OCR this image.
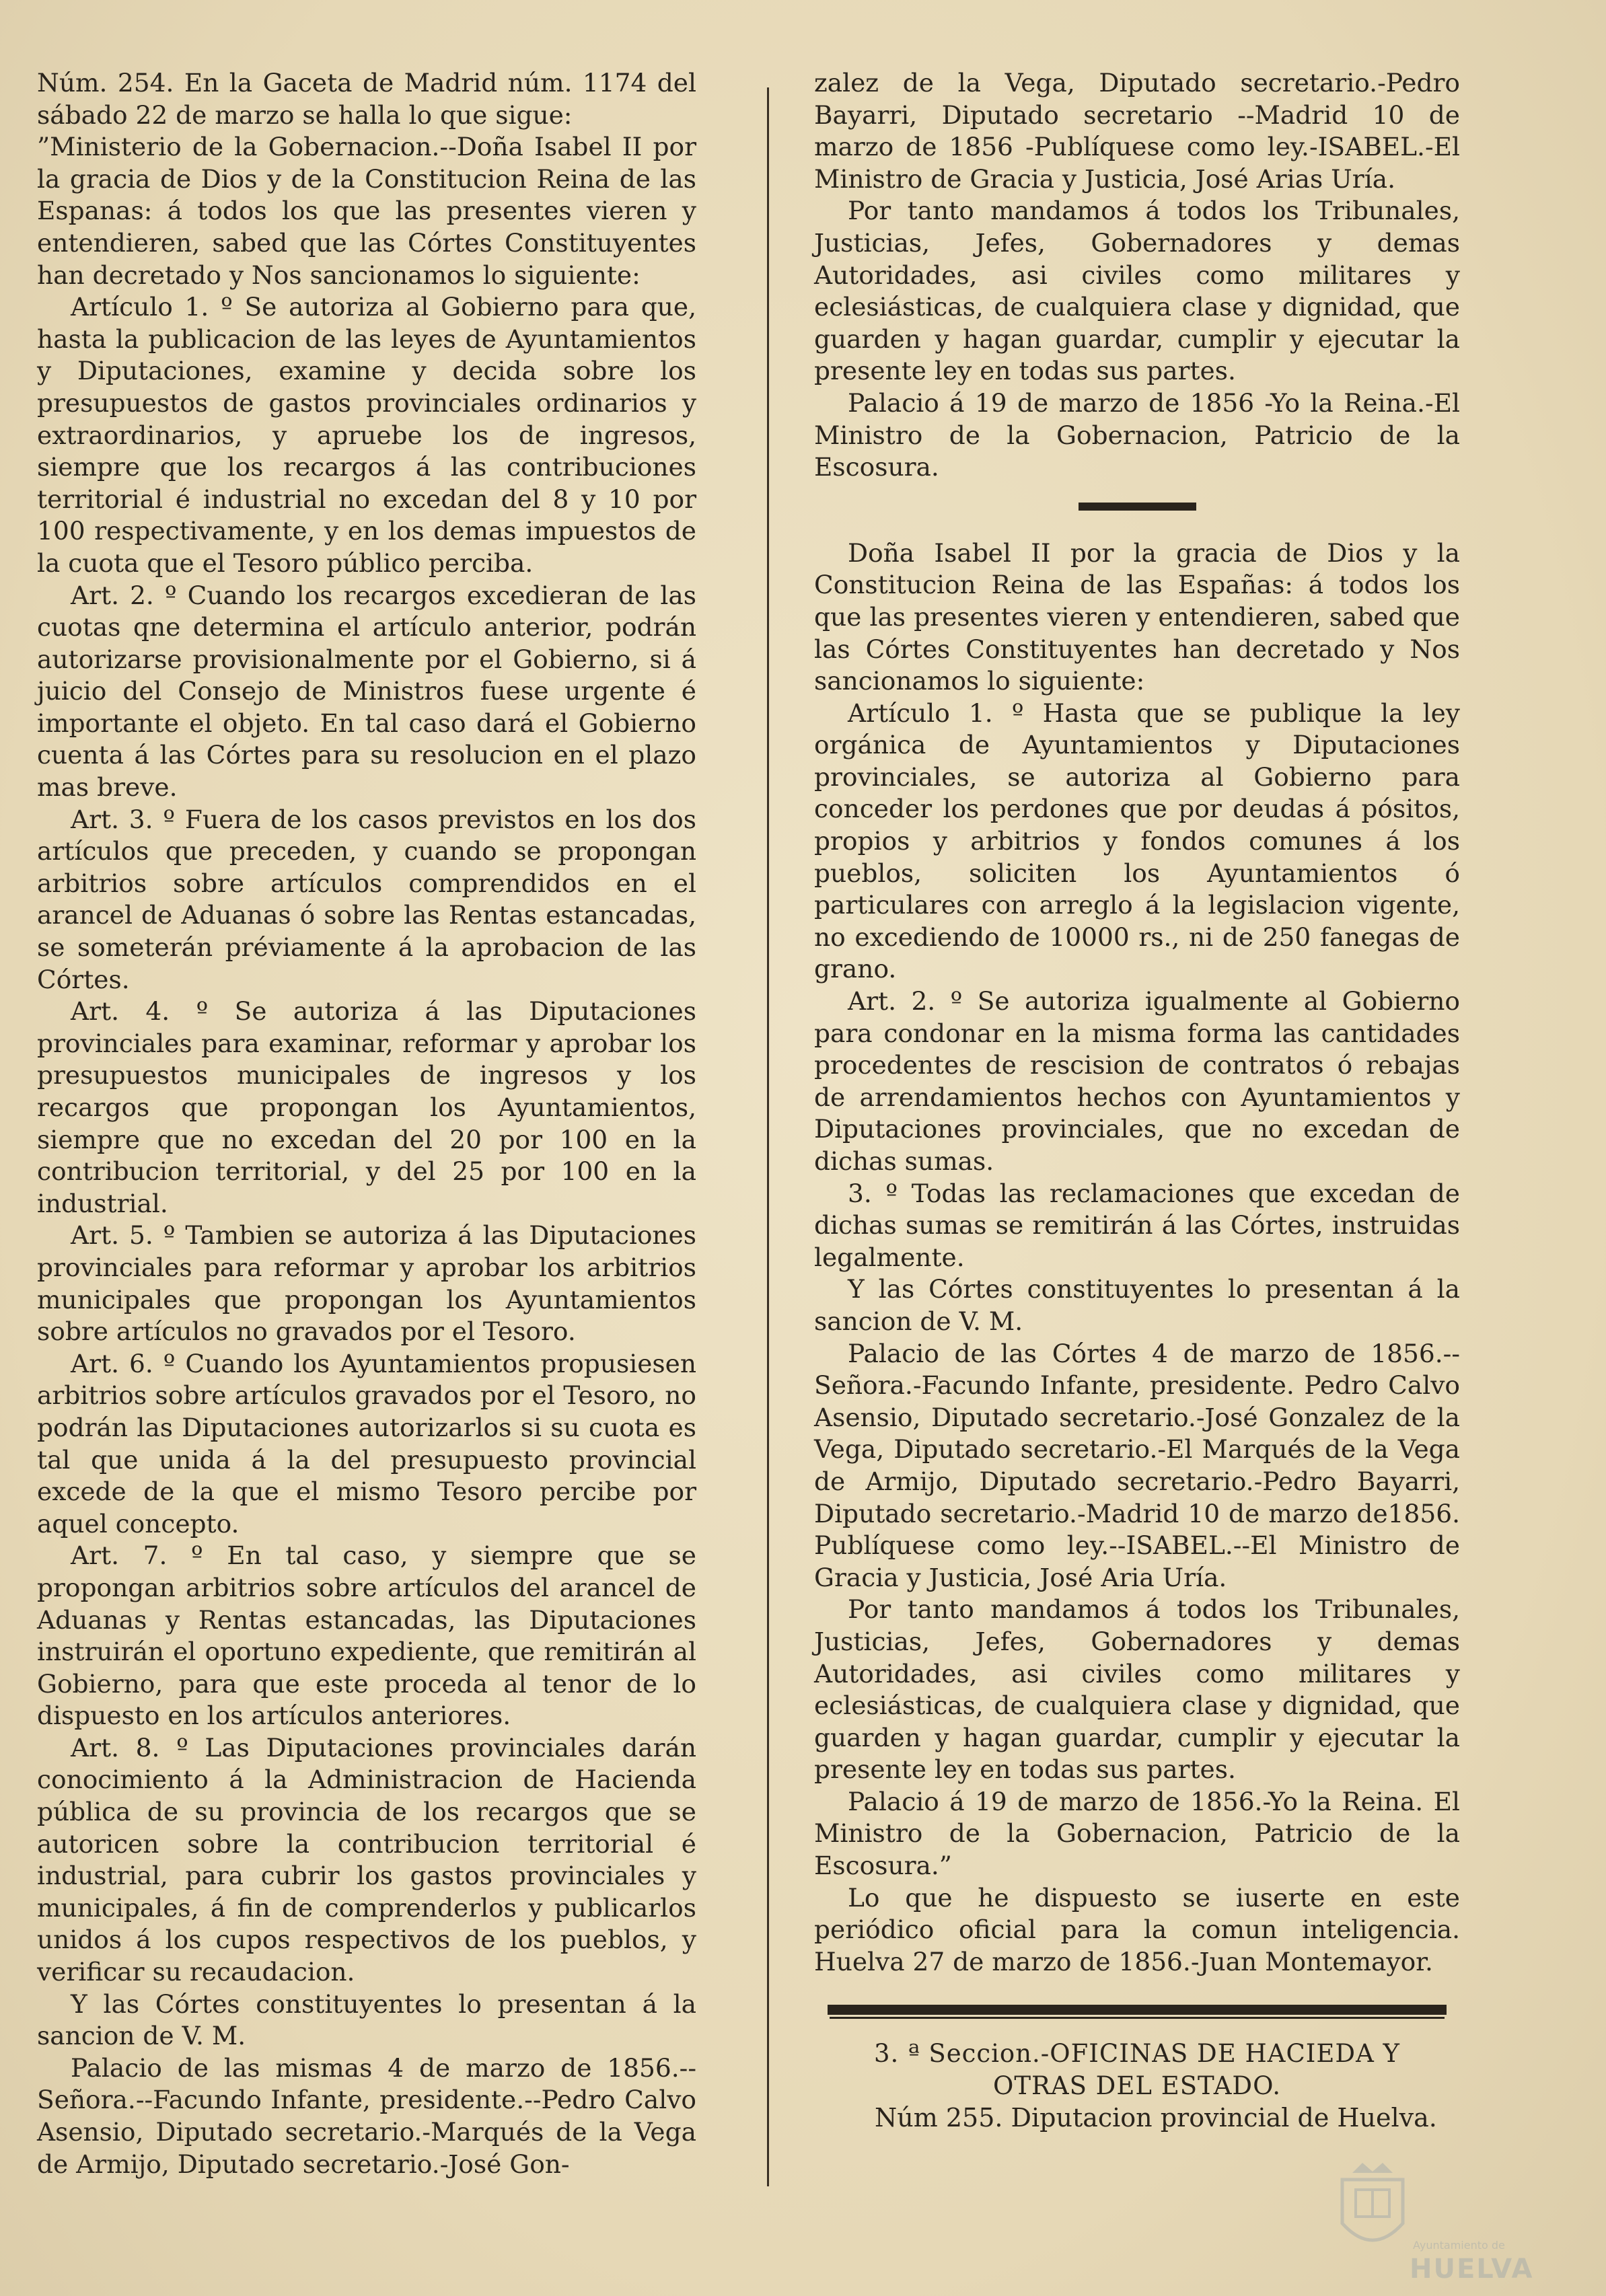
Núm. 254. En la Gaceta de Madrid núm. 1174 del sábado 22 de marzo se halla lo que sigue:

”Ministerio de la Gobernacion.--Doña Isabel II por la gracia de Dios y de la Constitucion Reina de las Espanas: á todos los que las presentes vieren y entendieren, sabed que las Córtes Constituyentes han decretado y Nos sancionamos lo siguiente:

Artículo 1. º Se autoriza al Gobierno para que, hasta la publicacion de las leyes de Ayuntamientos y Diputaciones, examine y decida sobre los presupuestos de gastos provinciales ordinarios y extraordinarios, y apruebe los de ingresos, siempre que los recargos á las contribuciones territorial é industrial no excedan del 8 y 10 por 100 respectivamente, y en los demas impuestos de la cuota que el Tesoro público perciba.

Art. 2. º Cuando los recargos excedieran de las cuotas qne determina el artículo anterior, podrán autorizarse provisionalmente por el Gobierno, si á juicio del Consejo de Ministros fuese urgente é importante el objeto. En tal caso dará el Gobierno cuenta á las Córtes para su resolucion en el plazo mas breve.

Art. 3. º Fuera de los casos previstos en los dos artículos que preceden, y cuando se propongan arbitrios sobre artículos comprendidos en el arancel de Aduanas ó sobre las Rentas estancadas, se someterán préviamente á la aprobacion de las Córtes.

Art. 4. º Se autoriza á las Diputaciones provinciales para examinar, reformar y aprobar los presupuestos municipales de ingresos y los recargos que propongan los Ayuntamientos, siempre que no excedan del 20 por 100 en la contribucion territorial, y del 25 por 100 en la industrial.

Art. 5. º Tambien se autoriza á las Diputaciones provinciales para reformar y aprobar los arbitrios municipales que propongan los Ayuntamientos sobre artículos no gravados por el Tesoro.

Art. 6. º Cuando los Ayuntamientos propusiesen arbitrios sobre artículos gravados por el Tesoro, no podrán las Diputaciones autorizarlos si su cuota es tal que unida á la del presupuesto provincial excede de la que el mismo Tesoro percibe por aquel concepto.

Art. 7. º En tal caso, y siempre que se propongan arbitrios sobre artículos del arancel de Aduanas y Rentas estancadas, las Diputaciones instruirán el oportuno expediente, que remitirán al Gobierno, para que este proceda al tenor de lo dispuesto en los artículos anteriores.

Art. 8. º Las Diputaciones provinciales darán conocimiento á la Administracion de Hacienda pública de su provincia de los recargos que se autoricen sobre la contribucion territorial é industrial, para cubrir los gastos provinciales y municipales, á fin de comprenderlos y publicarlos unidos á los cupos respectivos de los pueblos, y verificar su recaudacion.

Y las Córtes constituyentes lo presentan á la sancion de V. M.

Palacio de las mismas 4 de marzo de 1856.--Señora.--Facundo Infante, presidente.--Pedro Calvo Asensio, Diputado secretario.-Marqués de la Vega de Armijo, Diputado secretario.-José Gon-

zalez de la Vega, Diputado secretario.-Pedro Bayarri, Diputado secretario --Madrid 10 de marzo de 1856 -Publíquese como ley.-ISABEL.-El Ministro de Gracia y Justicia, José Arias Uría.

Por tanto mandamos á todos los Tribunales, Justicias, Jefes, Gobernadores y demas Autoridades, asi civiles como militares y eclesiásticas, de cualquiera clase y dignidad, que guarden y hagan guardar, cumplir y ejecutar la presente ley en todas sus partes.

Palacio á 19 de marzo de 1856 -Yo la Reina.-El Ministro de la Gobernacion, Patricio de la Escosura.

Doña Isabel II por la gracia de Dios y la Constitucion Reina de las Españas: á todos los que las presentes vieren y entendieren, sabed que las Córtes Constituyentes han decretado y Nos sancionamos lo siguiente:

Artículo 1. º Hasta que se publique la ley orgánica de Ayuntamientos y Diputaciones provinciales, se autoriza al Gobierno para conceder los perdones que por deudas á pósitos, propios y arbitrios y fondos comunes á los pueblos, soliciten los Ayuntamientos ó particulares con arreglo á la legislacion vigente, no excediendo de 10000 rs., ni de 250 fanegas de grano.

Art. 2. º Se autoriza igualmente al Gobierno para condonar en la misma forma las cantidades procedentes de rescision de contratos ó rebajas de arrendamientos hechos con Ayuntamientos y Diputaciones provinciales, que no excedan de dichas sumas.

3. º Todas las reclamaciones que excedan de dichas sumas se remitirán á las Córtes, instruidas legalmente.

Y las Córtes constituyentes lo presentan á la sancion de V. M.

Palacio de las Córtes 4 de marzo de 1856.--Señora.-Facundo Infante, presidente. Pedro Calvo Asensio, Diputado secretario.-José Gonzalez de la Vega, Diputado secretario.-El Marqués de la Vega de Armijo, Diputado secretario.-Pedro Bayarri, Diputado secretario.-Madrid 10 de marzo de1856. Publíquese como ley.--ISABEL.--El Ministro de Gracia y Justicia, José Aria Uría.

Por tanto mandamos á todos los Tribunales, Justicias, Jefes, Gobernadores y demas Autoridades, asi civiles como militares y eclesiásticas, de cualquiera clase y dignidad, que guarden y hagan guardar, cumplir y ejecutar la presente ley en todas sus partes.

Palacio á 19 de marzo de 1856.-Yo la Reina. El Ministro de la Gobernacion, Patricio de la Escosura.”

Lo que he dispuesto se iuserte en este periódico oficial para la comun inteligencia. Huelva 27 de marzo de 1856.-Juan Montemayor.

3. ª Seccion.-OFICINAS DE HACIEDA Y
OTRAS DEL ESTADO.

Núm 255. Diputacion provincial de Huelva.

Ayuntamiento de
HUELVA
